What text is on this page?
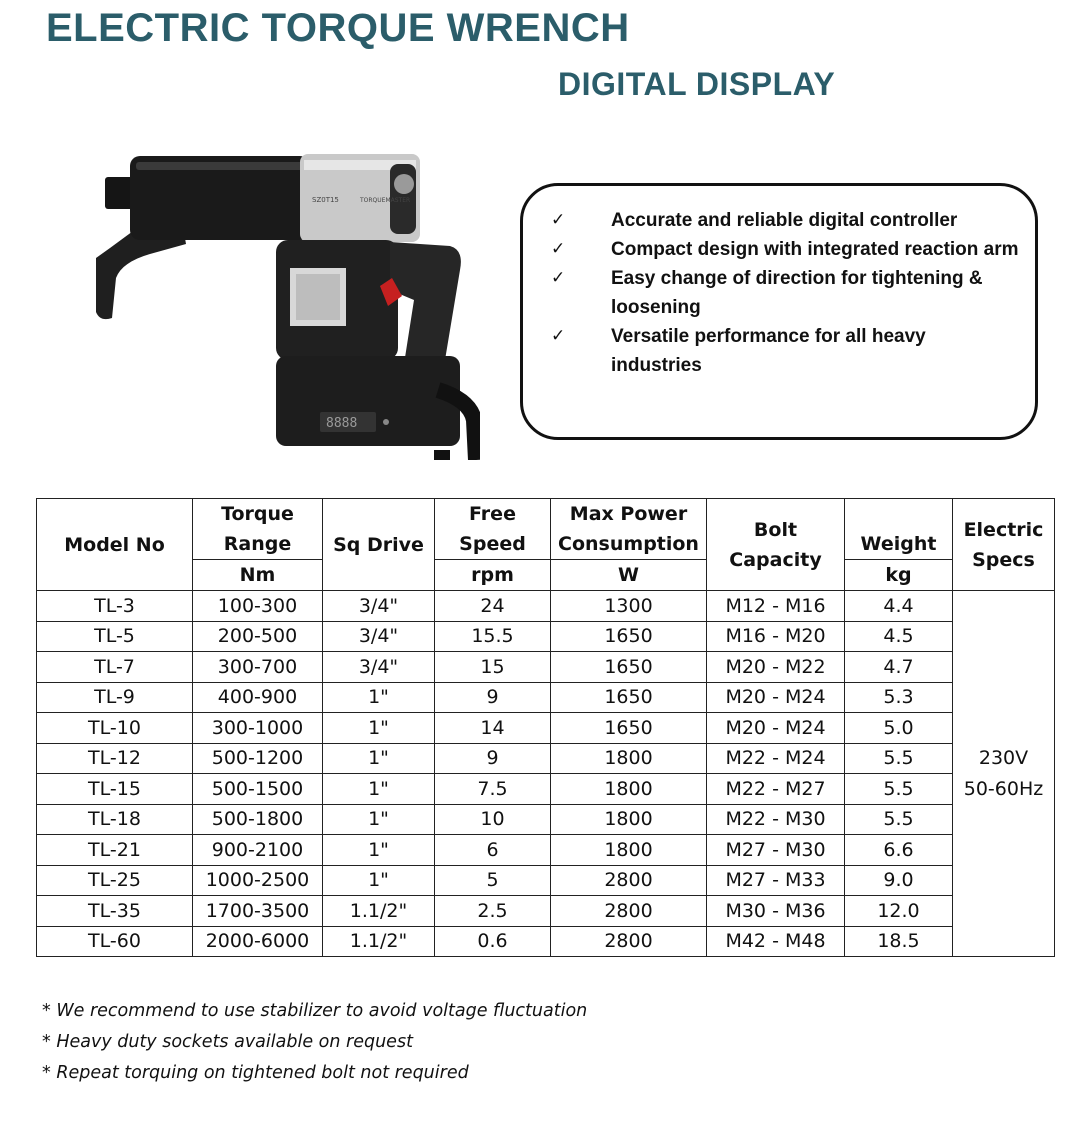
ELECTRIC TORQUE WRENCH
DIGITAL DISPLAY
SZ0T15	TORQUEMASTER
8888
✓ Accurate and reliable digital controller
✓ Compact design with integrated reaction arm
✓ Easy change of direction for tightening & loosening
✓ Versatile performance for all heavy industries
Model No	Torque Range	Sq Drive	Free Speed	Max Power Consumption	Bolt Capacity	Weight	Electric Specs
	Nm		rpm	W		kg	
TL-3	100-300	3/4"	24	1300	M12 - M16	4.4	230V
50-60Hz
TL-5	200-500	3/4"	15.5	1650	M16 - M20	4.5	
TL-7	300-700	3/4"	15	1650	M20 - M22	4.7	
TL-9	400-900	1"	9	1650	M20 - M24	5.3	
TL-10	300-1000	1"	14	1650	M20 - M24	5.0	
TL-12	500-1200	1"	9	1800	M22 - M24	5.5	
TL-15	500-1500	1"	7.5	1800	M22 - M27	5.5	
TL-18	500-1800	1"	10	1800	M22 - M30	5.5	
TL-21	900-2100	1"	6	1800	M27 - M30	6.6	
TL-25	1000-2500	1"	5	2800	M27 - M33	9.0	
TL-35	1700-3500	1.1/2"	2.5	2800	M30 - M36	12.0	
TL-60	2000-6000	1.1/2"	0.6	2800	M42 - M48	18.5	
* We recommend to use stabilizer to avoid voltage fluctuation
* Heavy duty sockets available on request
* Repeat torquing on tightened bolt not required
